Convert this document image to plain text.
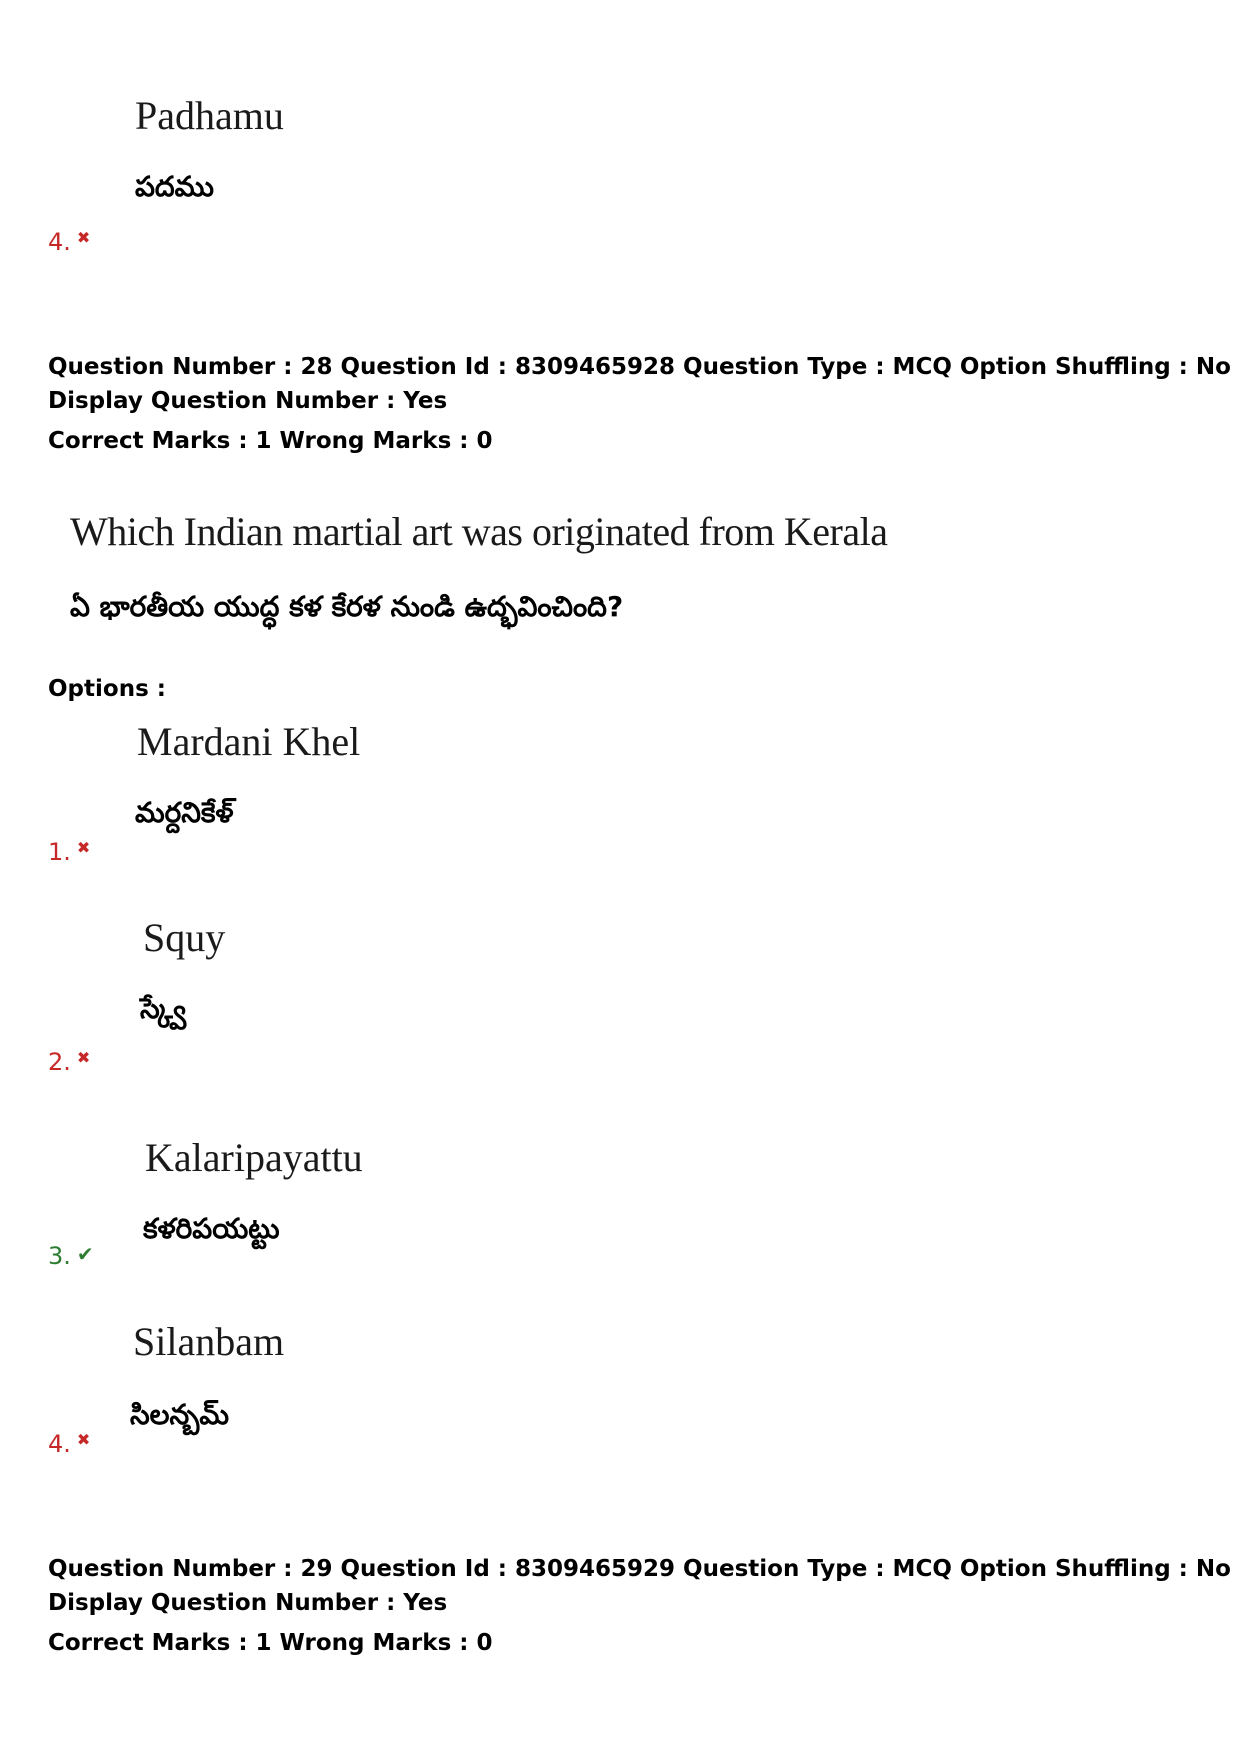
Padhamu
పదము
4. ✖
Question Number : 28 Question Id : 8309465928 Question Type : MCQ Option Shuffling : No
Display Question Number : Yes
Correct Marks : 1 Wrong Marks : 0
Which Indian martial art was originated from Kerala
ఏ భారతీయ యుద్ధ కళ కేరళ నుండి ఉద్భవించింది?
Options :
Mardani Khel
మర్దనికేళ్
1. ✖
Squy
స్క్వే
2. ✖
Kalaripayattu
కళరిపయట్టు
3. ✔
Silanbam
సిలన్బమ్
4. ✖
Question Number : 29 Question Id : 8309465929 Question Type : MCQ Option Shuffling : No
Display Question Number : Yes
Correct Marks : 1 Wrong Marks : 0
